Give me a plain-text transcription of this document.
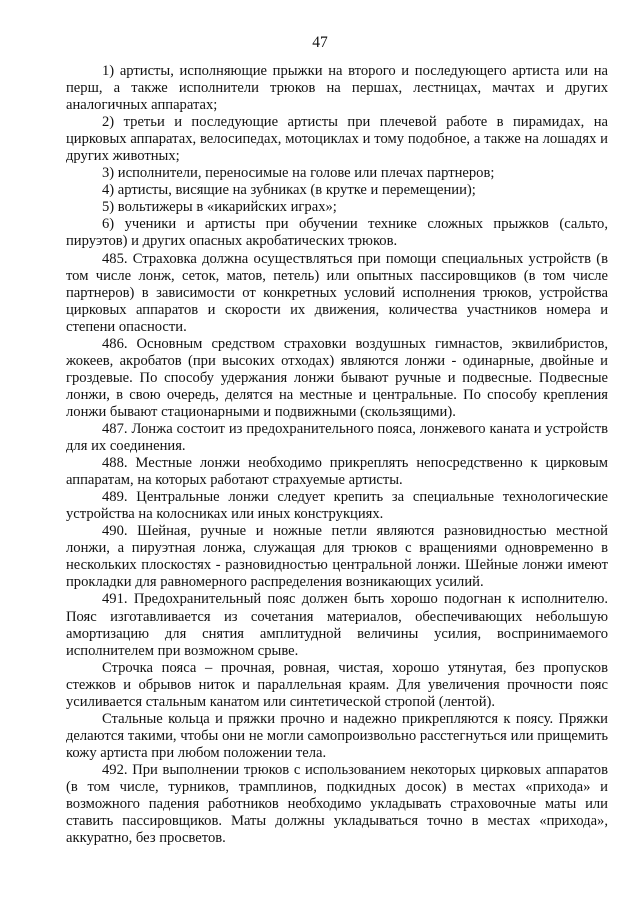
47

1) артисты, исполняющие прыжки на второго и последующего артиста или на перш, а также исполнители трюков на першах, лестницах, мачтах и других аналогичных аппаратах;

2) третьи и последующие артисты при плечевой работе в пирамидах, на цирковых аппаратах, велосипедах, мотоциклах и тому подобное, а также на лошадях и других животных;

3) исполнители, переносимые на голове или плечах партнеров;

4) артисты, висящие на зубниках (в крутке и перемещении);

5) вольтижеры в «икарийских играх»;

6) ученики и артисты при обучении технике сложных прыжков (сальто, пируэтов) и других опасных акробатических трюков.

485. Страховка должна осуществляться при помощи специальных устройств (в том числе лонж, сеток, матов, петель) или опытных пассировщиков (в том числе партнеров) в зависимости от конкретных условий исполнения трюков, устройства цирковых аппаратов и скорости их движения, количества участников номера и степени опасности.

486. Основным средством страховки воздушных гимнастов, эквилибристов, жокеев, акробатов (при высоких отходах) являются лонжи - одинарные, двойные и гроздевые. По способу удержания лонжи бывают ручные и подвесные. Подвесные лонжи, в свою очередь, делятся на местные и центральные. По способу крепления лонжи бывают стационарными и подвижными (скользящими).

487. Лонжа состоит из предохранительного пояса, лонжевого каната и устройств для их соединения.

488. Местные лонжи необходимо прикреплять непосредственно к цирковым аппаратам, на которых работают страхуемые артисты.

489. Центральные лонжи следует крепить за специальные технологические устройства на колосниках или иных конструкциях.

490. Шейная, ручные и ножные петли являются разновидностью местной лонжи, а пируэтная лонжа, служащая для трюков с вращениями одновременно в нескольких плоскостях - разновидностью центральной лонжи. Шейные лонжи имеют прокладки для равномерного распределения возникающих усилий.

491. Предохранительный пояс должен быть хорошо подогнан к исполнителю. Пояс изготавливается из сочетания материалов, обеспечивающих небольшую амортизацию для снятия амплитудной величины усилия, воспринимаемого исполнителем при возможном срыве.

Строчка пояса – прочная, ровная, чистая, хорошо утянутая, без пропусков стежков и обрывов ниток и параллельная краям. Для увеличения прочности пояс усиливается стальным канатом или синтетической стропой (лентой).

Стальные кольца и пряжки прочно и надежно прикрепляются к поясу. Пряжки делаются такими, чтобы они не могли самопроизвольно расстегнуться или прищемить кожу артиста при любом положении тела.

492. При выполнении трюков с использованием некоторых цирковых аппаратов (в том числе, турников, трамплинов, подкидных досок) в местах «прихода» и возможного падения работников необходимо укладывать страховочные маты или ставить пассировщиков. Маты должны укладываться точно в местах «прихода», аккуратно, без просветов.
